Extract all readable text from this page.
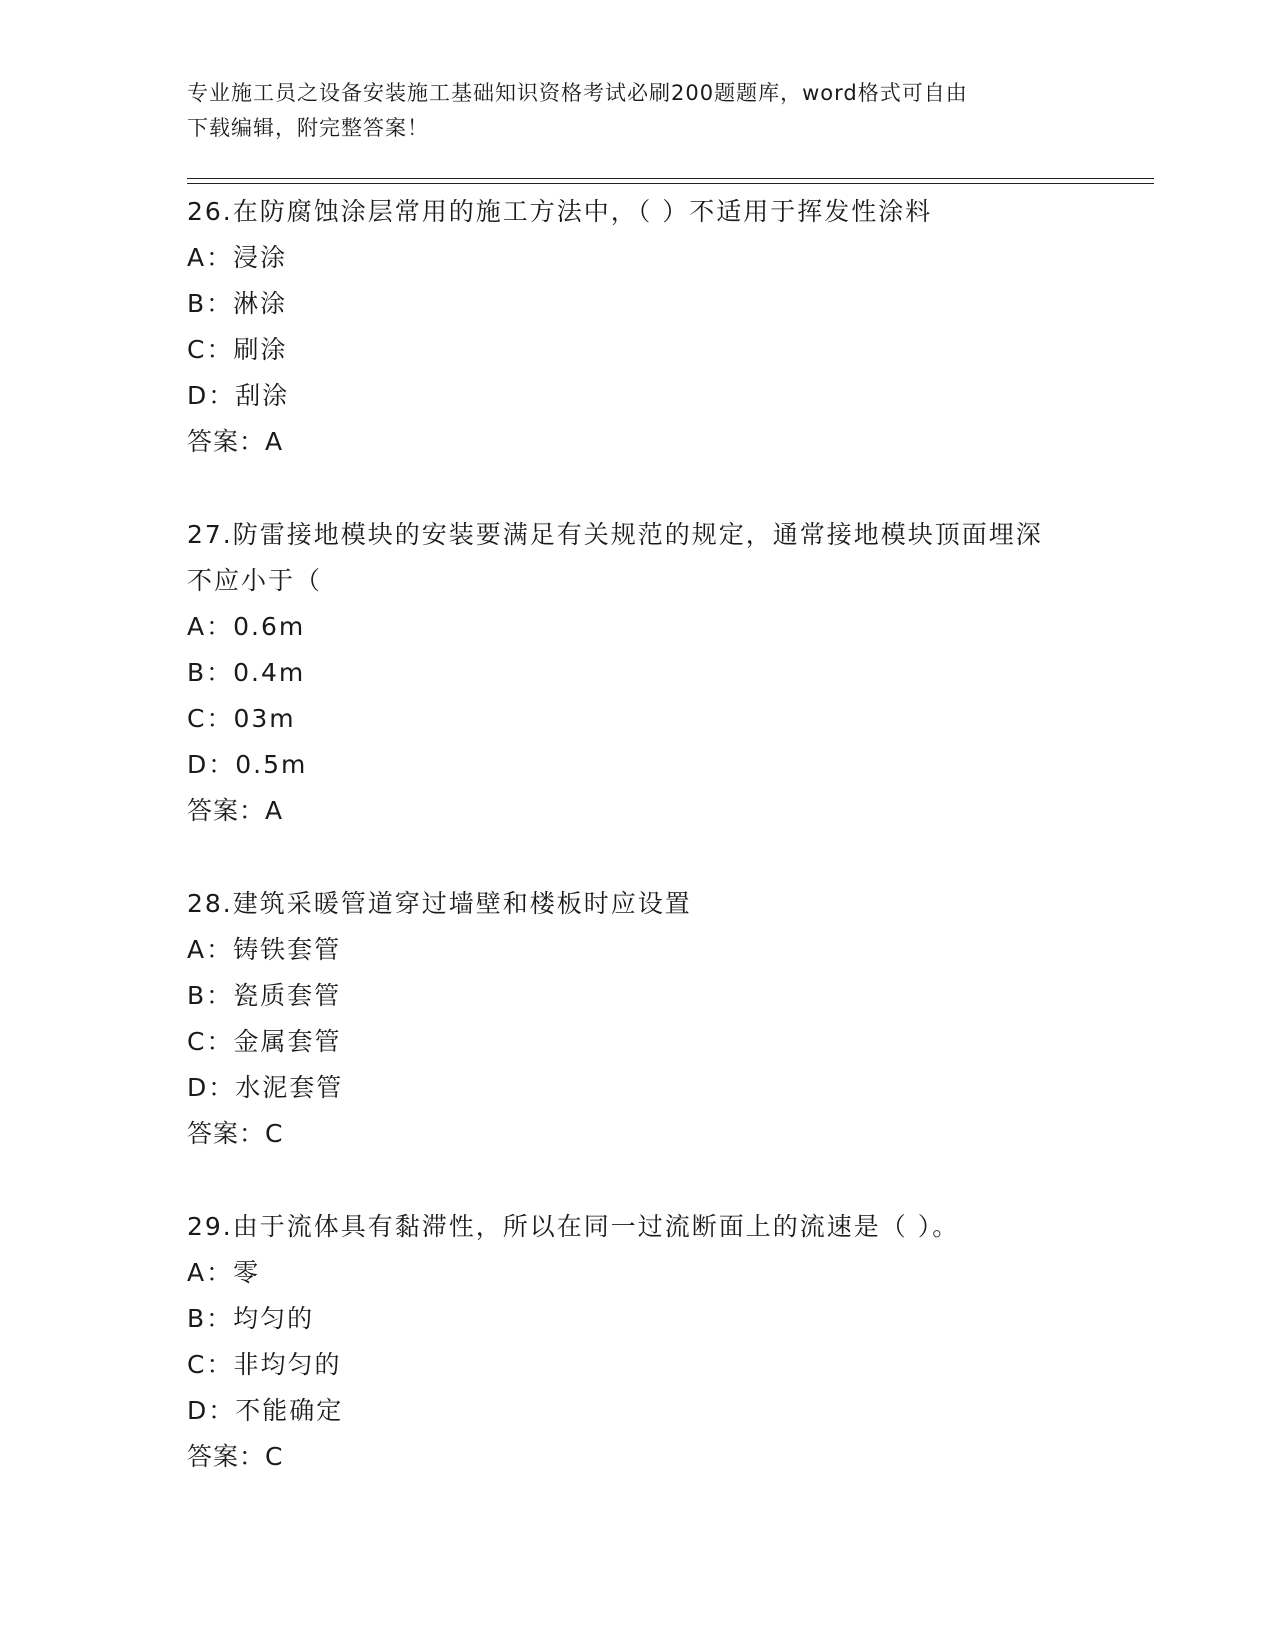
专业施工员之设备安装施工基础知识资格考试必刷200题题库，word格式可自由
下载编辑，附完整答案！
26.在防腐蚀涂层常用的施工方法中，（ ）不适用于挥发性涂料
A：浸涂
B：淋涂
C：刷涂
D：刮涂
答案：A
27.防雷接地模块的安装要满足有关规范的规定，通常接地模块顶面埋深不应小于（
A：0.6m
B：0.4m
C：03m
D：0.5m
答案：A
28.建筑采暖管道穿过墙壁和楼板时应设置
A：铸铁套管
B：瓷质套管
C：金属套管
D：水泥套管
答案：C
29.由于流体具有黏滞性，所以在同一过流断面上的流速是（ ）。
A：零
B：均匀的
C：非均匀的
D：不能确定
答案：C
